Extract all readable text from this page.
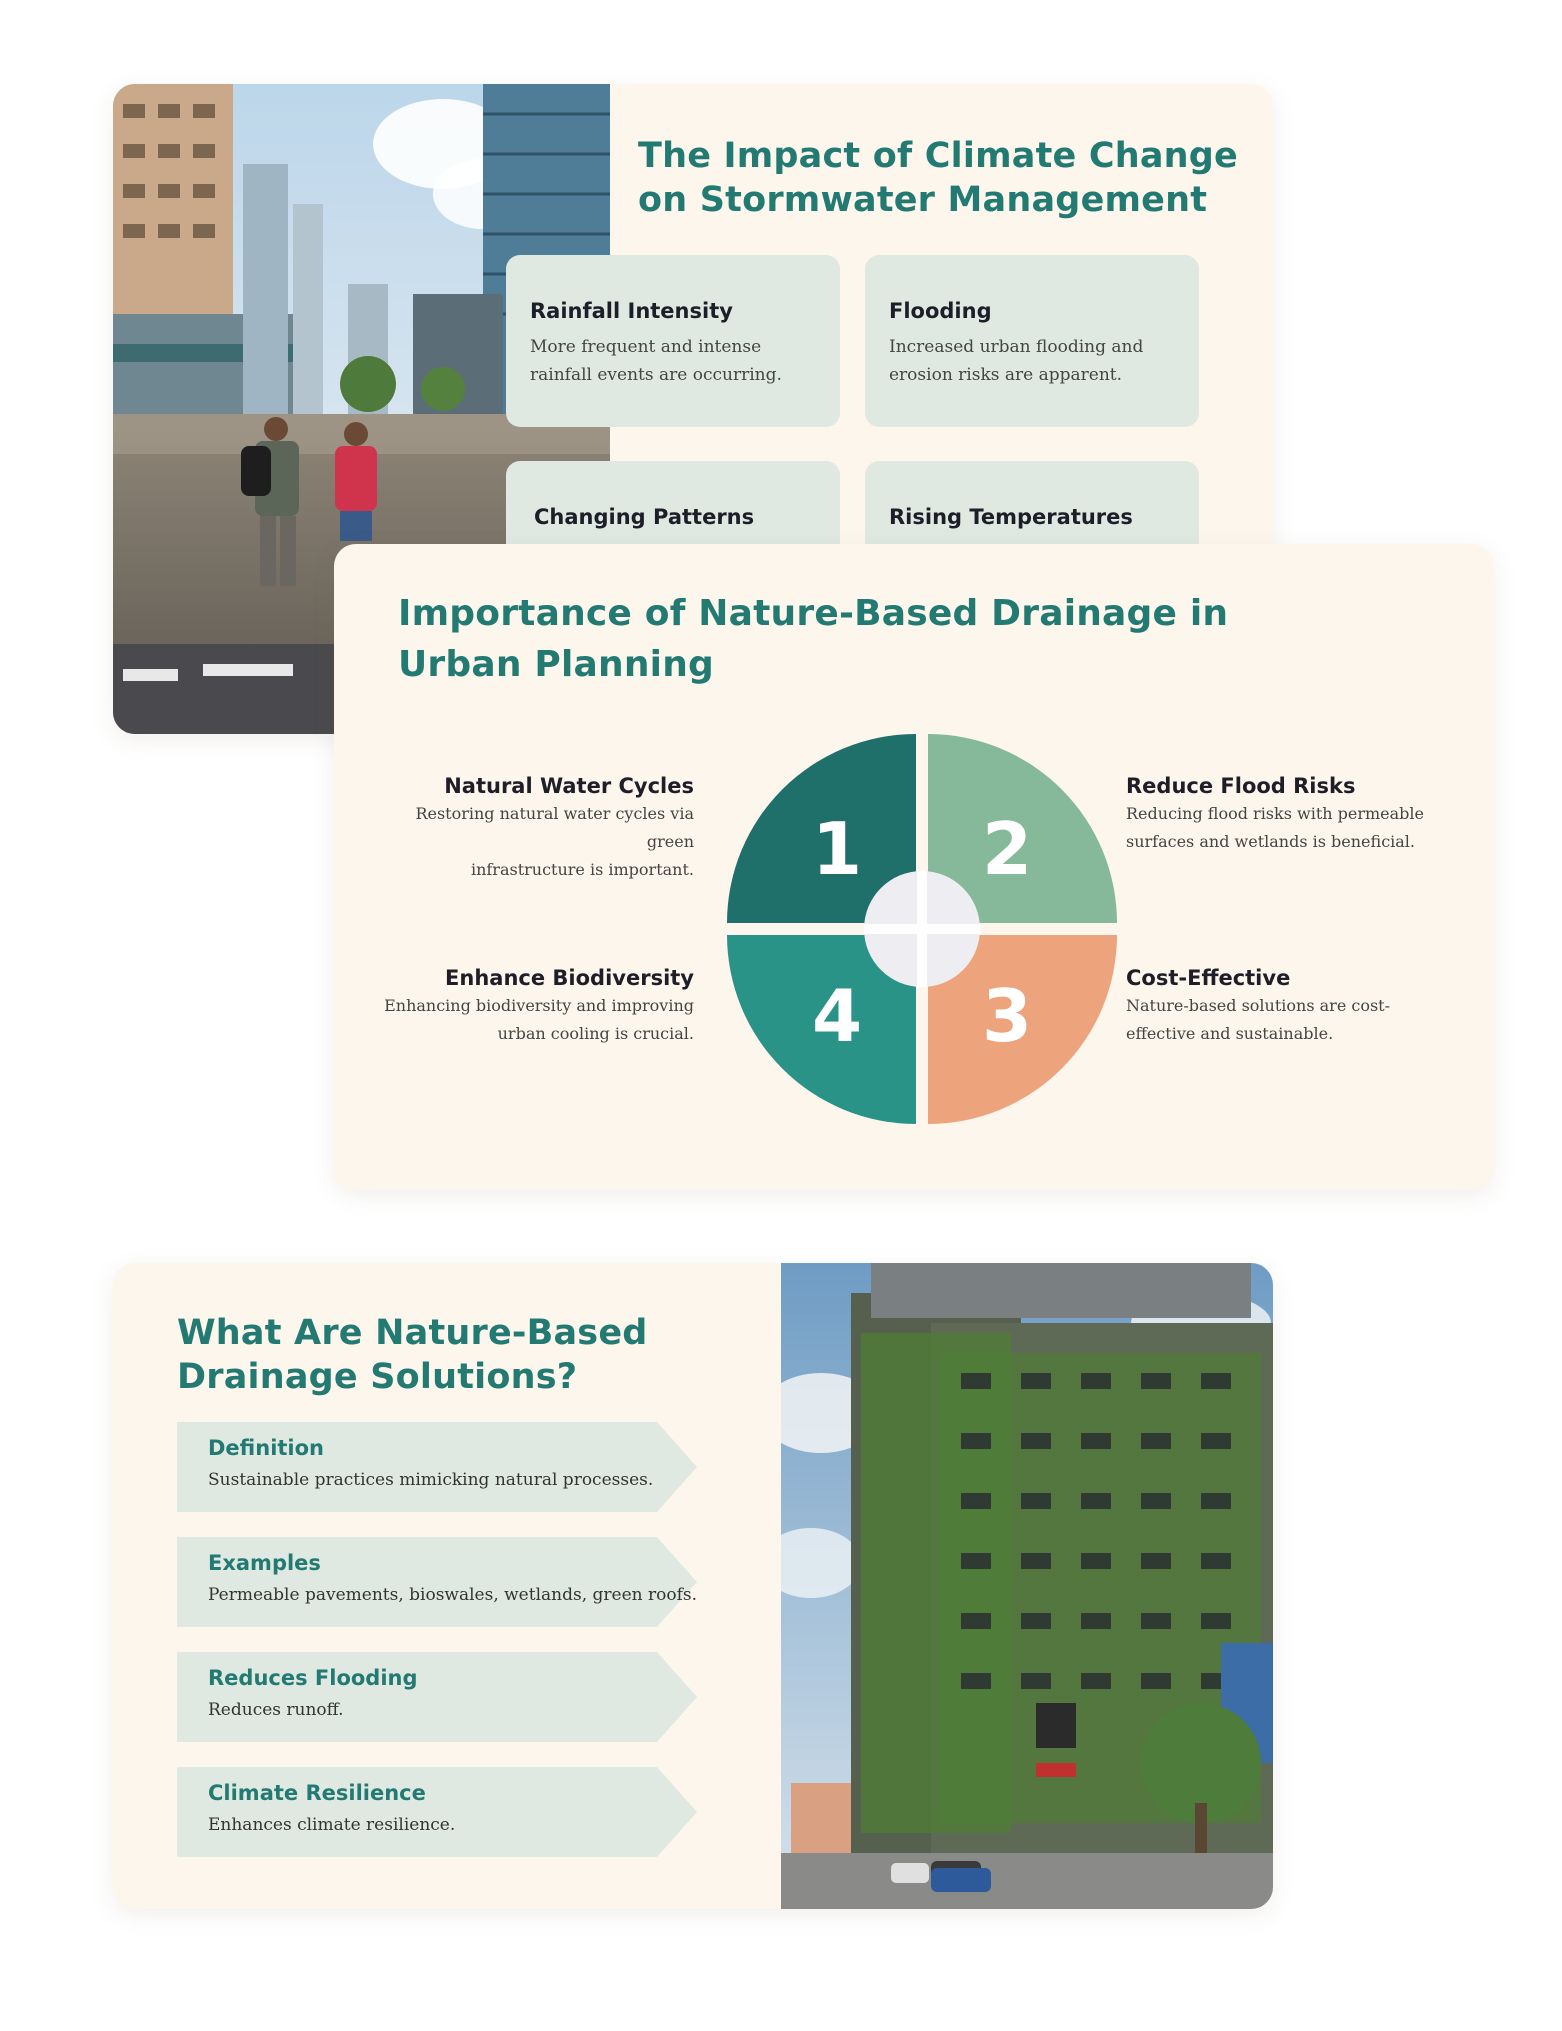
The Impact of Climate Change
on Stormwater Management
Rainfall Intensity
More frequent and intense rainfall events are occurring.
Flooding
Increased urban flooding and erosion risks are apparent.
Changing Patterns	Rising Temperatures
Importance of Nature-Based Drainage in
Urban Planning
Natural Water Cycles
Restoring natural water cycles via green
infrastructure is important.
Reduce Flood Risks
Reducing flood risks with permeable
surfaces and wetlands is beneficial.
Enhance Biodiversity
Enhancing biodiversity and improving
urban cooling is crucial.
Cost-Effective
Nature-based solutions are cost-
effective and sustainable.
1 2
3
4
What Are Nature-Based
Drainage Solutions?
Definition
Sustainable practices mimicking natural processes.
Examples
Permeable pavements, bioswales, wetlands, green roofs.
Reduces Flooding
Reduces runoff.
Climate Resilience
Enhances climate resilience.
